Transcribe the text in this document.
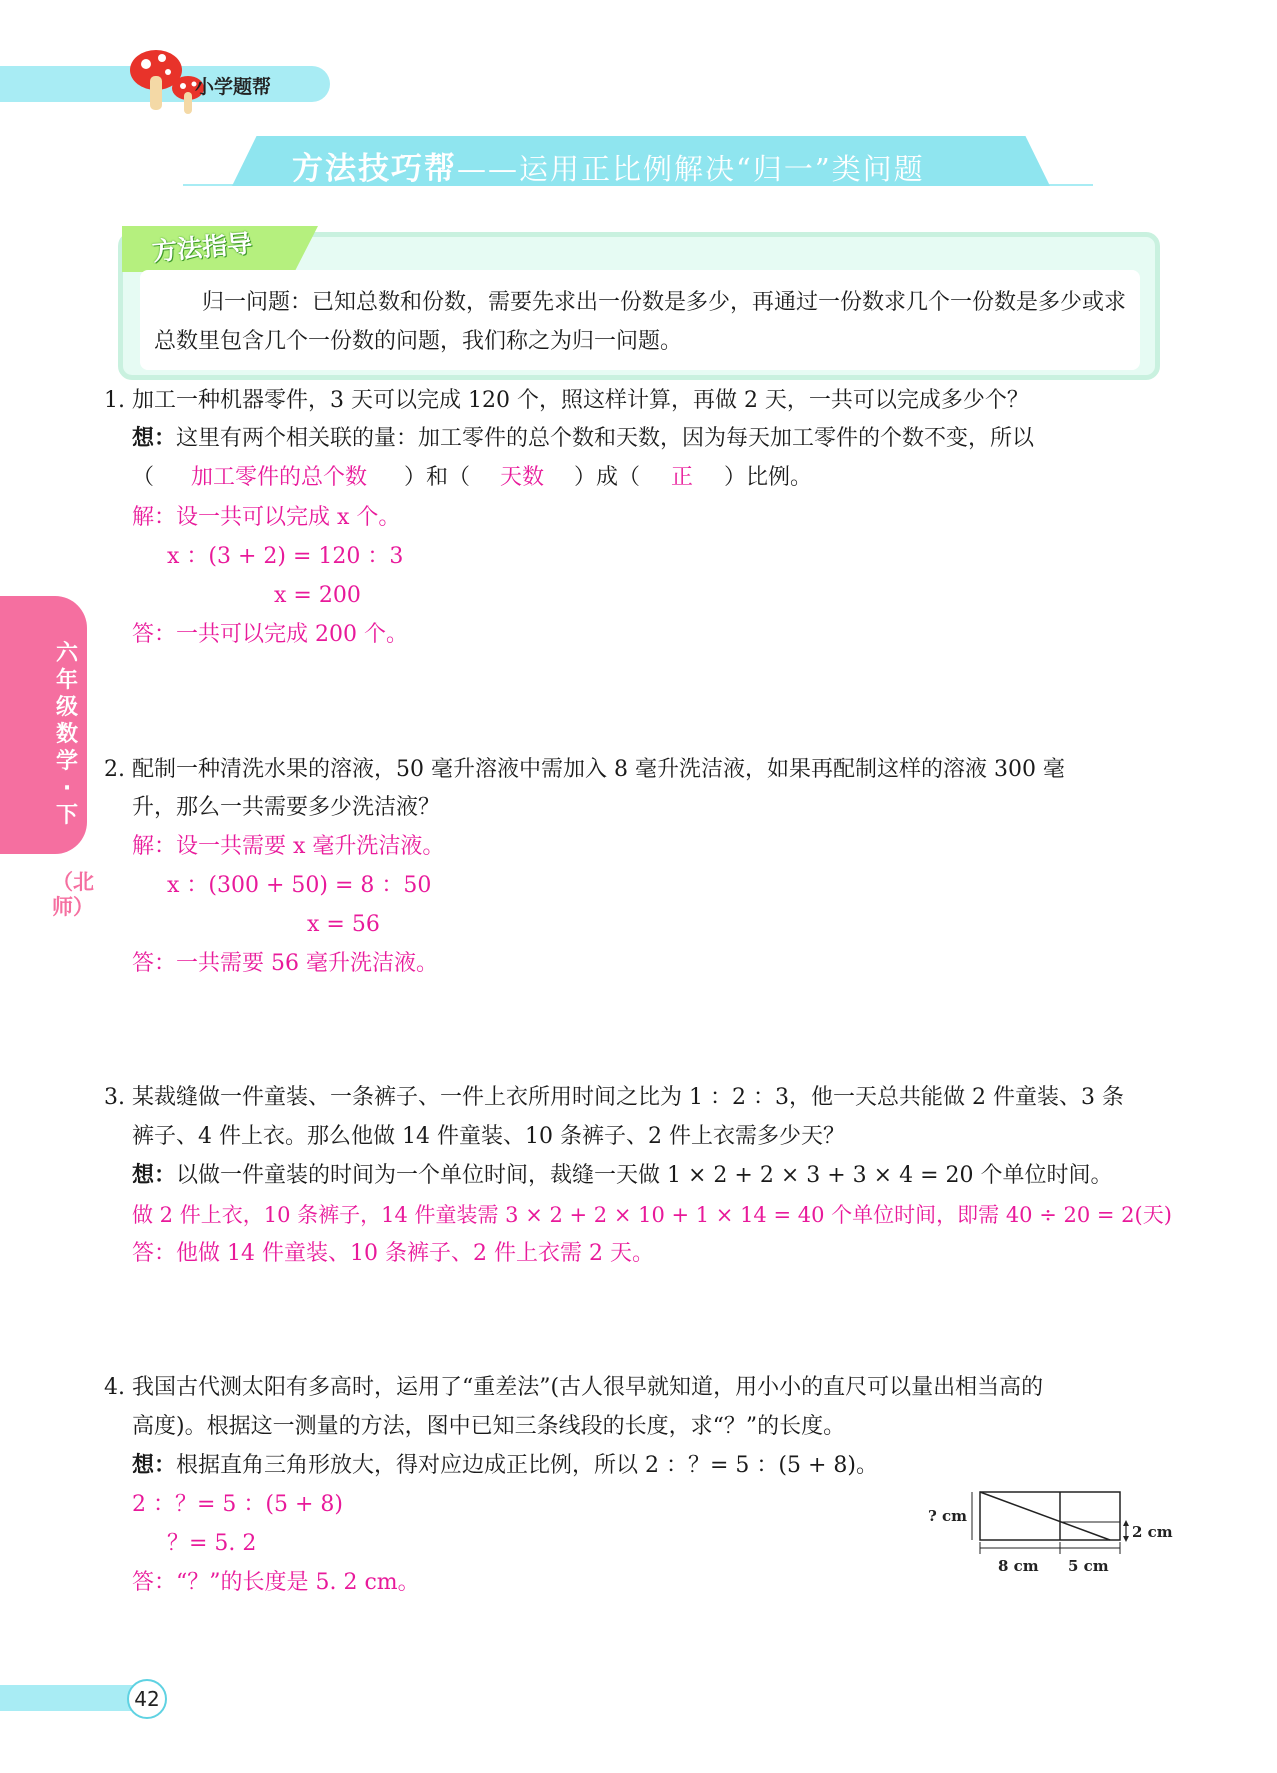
小学题帮
方法技巧帮——运用正比例解决“归一”类问题
方法指导
归一问题：已知总数和份数，需要先求出一份数是多少，再通过一份数求几个一份数是多少或求总数里包含几个一份数的问题，我们称之为归一问题。
六年级数学·下
（北师）
1. 加工一种机器零件，3 天可以完成 120 个，照这样计算，再做 2 天，一共可以完成多少个？
想：这里有两个相关联的量：加工零件的总个数和天数，因为每天加工零件的个数不变，所以
（ 加工零件的总个数 ）和（ 天数 ）成（ 正 ）比例。
解：设一共可以完成 x 个。
x ：(3 + 2) = 120 ：3
x = 200
答：一共可以完成 200 个。
2. 配制一种清洗水果的溶液，50 毫升溶液中需加入 8 毫升洗洁液，如果再配制这样的溶液 300 毫
升，那么一共需要多少洗洁液？
解：设一共需要 x 毫升洗洁液。
x ：(300 + 50) = 8 ：50
x = 56
答：一共需要 56 毫升洗洁液。
3. 某裁缝做一件童装、一条裤子、一件上衣所用时间之比为 1 ：2 ：3，他一天总共能做 2 件童装、3 条
裤子、4 件上衣。那么他做 14 件童装、10 条裤子、2 件上衣需多少天？
想：以做一件童装的时间为一个单位时间，裁缝一天做 1 × 2 + 2 × 3 + 3 × 4 = 20 个单位时间。
做 2 件上衣，10 条裤子，14 件童装需 3 × 2 + 2 × 10 + 1 × 14 = 40 个单位时间，即需 40 ÷ 20 = 2(天)
答：他做 14 件童装、10 条裤子、2 件上衣需 2 天。
4. 我国古代测太阳有多高时，运用了“重差法”(古人很早就知道，用小小的直尺可以量出相当高的
高度)。根据这一测量的方法，图中已知三条线段的长度，求“？”的长度。
想：根据直角三角形放大，得对应边成正比例，所以 2 ：？= 5 ：(5 + 8)。
2 ：？= 5 ：(5 + 8)
？= 5. 2
答：“？”的长度是 5. 2 cm。
? cm
2 cm
8 cm 5 cm
42
